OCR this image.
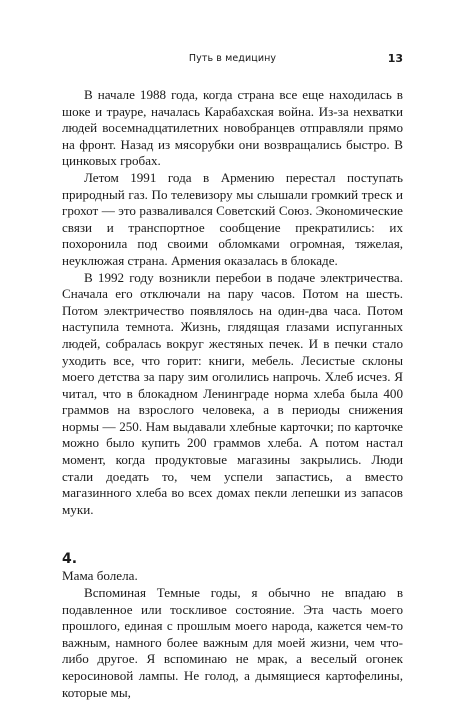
Путь в медицину	13

В начале 1988 года, когда страна все еще находилась в шоке и трауре, началась Карабахская война. Из-за нехватки людей восемнадцатилетних новобранцев отправляли прямо на фронт. Назад из мясорубки они возвращались быстро. В цинковых гробах.

Летом 1991 года в Армению перестал поступать природный газ. По телевизору мы слышали громкий треск и грохот — это разваливался Советский Союз. Экономические связи и транспортное сообщение прекратились: их похоронила под своими обломками огромная, тяжелая, неуклюжая страна. Армения оказалась в блокаде.

В 1992 году возникли перебои в подаче электричества. Сначала его отключали на пару часов. Потом на шесть. Потом электричество появлялось на один-два часа. Потом наступила темнота. Жизнь, глядящая глазами испуганных людей, собралась вокруг жестяных печек. И в печки стало уходить все, что горит: книги, мебель. Лесистые склоны моего детства за пару зим оголились напрочь. Хлеб исчез. Я читал, что в блокадном Ленинграде норма хлеба была 400 граммов на взрослого человека, а в периоды снижения нормы — 250. Нам выдавали хлебные карточки; по карточке можно было купить 200 граммов хлеба. А потом настал момент, когда продуктовые магазины закрылись. Люди стали доедать то, чем успели запастись, а вместо магазинного хлеба во всех домах пекли лепешки из запасов муки.

4.

Мама болела.

Вспоминая Темные годы, я обычно не впадаю в подавленное или тоскливое состояние. Эта часть моего прошлого, единая с прошлым моего народа, кажется чем-то важным, намного более важным для моей жизни, чем что-либо другое. Я вспоминаю не мрак, а веселый огонек керосиновой лампы. Не голод, а дымящиеся картофелины, которые мы,
